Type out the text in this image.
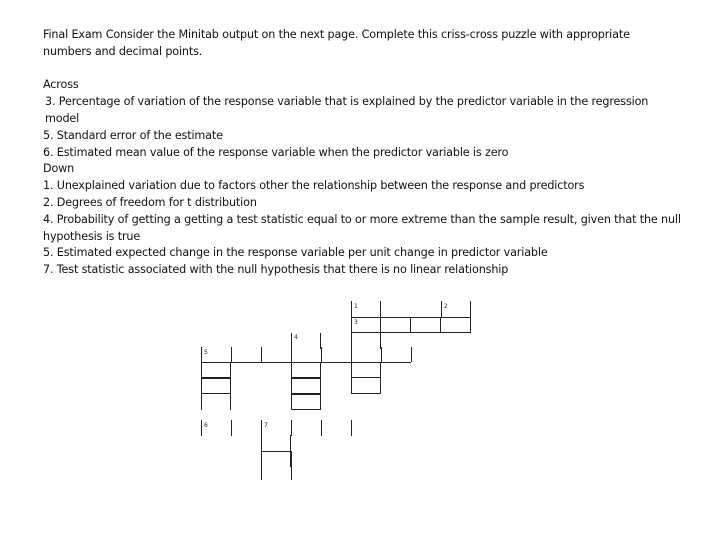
Final Exam Consider the Minitab output on the next page. Complete this criss-cross puzzle with appropriate

numbers and decimal points.

Across

3. Percentage of variation of the response variable that is explained by the predictor variable in the regression model

5. Standard error of the estimate

6. Estimated mean value of the response variable when the predictor variable is zero

Down

1. Unexplained variation due to factors other the relationship between the response and predictors

2. Degrees of freedom for t distribution

4. Probability of getting a getting a test statistic equal to or more extreme than the sample result, given that the null hypothesis is true

5. Estimated expected change in the response variable per unit change in predictor variable

7. Test statistic associated with the null hypothesis that there is no linear relationship

1	2
3
4
5
6	7
